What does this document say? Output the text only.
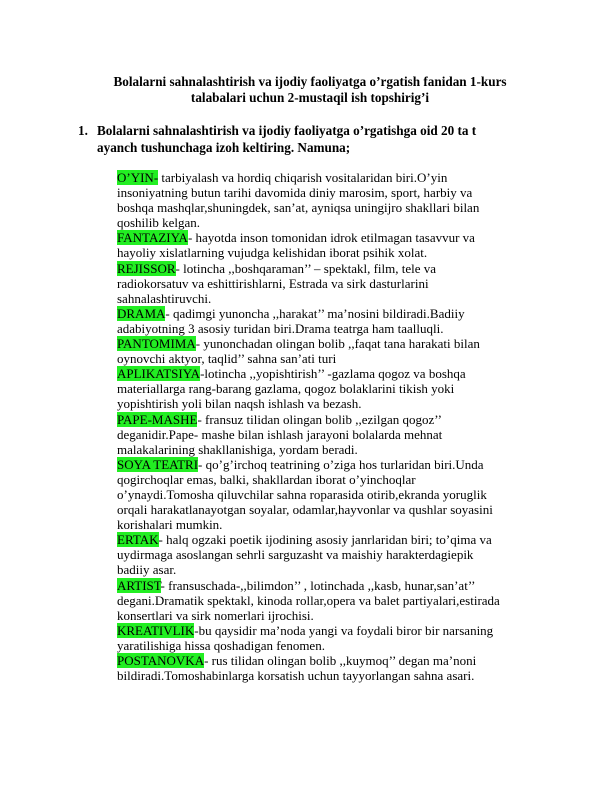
Bolalarni sahnalashtirish va ijodiy faoliyatga o’rgatish fanidan 1-kurs
talabalari uchun 2-mustaqil ish topshirig’i

1. Bolalarni sahnalashtirish va ijodiy faoliyatga o’rgatishga oid 20 ta t
ayanch tushunchaga izoh keltiring. Namuna;

O’YIN- tarbiyalash va hordiq chiqarish vositalaridan biri.O’yin
insoniyatning butun tarihi davomida diniy marosim, sport, harbiy va
boshqa mashqlar,shuningdek, san’at, ayniqsa uningijro shakllari bilan
qoshilib kelgan.

FANTAZIYA- hayotda inson tomonidan idrok etilmagan tasavvur va
hayoliy xislatlarning vujudga kelishidan iborat psihik xolat.

REJISSOR- lotincha ,,boshqaraman’’ – spektakl, film, tele va
radiokorsatuv va eshittirishlarni, Estrada va sirk dasturlarini
sahnalashtiruvchi.

DRAMA- qadimgi yunoncha ,,harakat’’ ma’nosini bildiradi.Badiiy
adabiyotning 3 asosiy turidan biri.Drama teatrga ham taalluqli.

PANTOMIMA- yunonchadan olingan bolib ,,faqat tana harakati bilan
oynovchi aktyor, taqlid’’ sahna san’ati turi

APLIKATSIYA-lotincha ,,yopishtirish’’ -gazlama qogoz va boshqa
materiallarga rang-barang gazlama, qogoz bolaklarini tikish yoki
yopishtirish yoli bilan naqsh ishlash va bezash.

PAPE-MASHE- fransuz tilidan olingan bolib ,,ezilgan qogoz’’
deganidir.Pape- mashe bilan ishlash jarayoni bolalarda mehnat
malakalarining shakllanishiga, yordam beradi.

SOYA TEATRI- qo’g’irchoq teatrining o’ziga hos turlaridan biri.Unda
qogirchoqlar emas, balki, shakllardan iborat o’yinchoqlar
o’ynaydi.Tomosha qiluvchilar sahna roparasida otirib,ekranda yoruglik
orqali harakatlanayotgan soyalar, odamlar,hayvonlar va qushlar soyasini
korishalari mumkin.

ERTAK- halq ogzaki poetik ijodining asosiy janrlaridan biri; to’qima va
uydirmaga asoslangan sehrli sarguzasht va maishiy harakterdagiepik
badiiy asar.

ARTIST- fransuschada-,,bilimdon’’ , lotinchada ,,kasb, hunar,san’at’’
degani.Dramatik spektakl, kinoda rollar,opera va balet partiyalari,estirada
konsertlari va sirk nomerlari ijrochisi.

KREATIVLIK-bu qaysidir ma’noda yangi va foydali biror bir narsaning
yaratilishiga hissa qoshadigan fenomen.

POSTANOVKA- rus tilidan olingan bolib ,,kuymoq’’ degan ma’noni
bildiradi.Tomoshabinlarga korsatish uchun tayyorlangan sahna asari.
